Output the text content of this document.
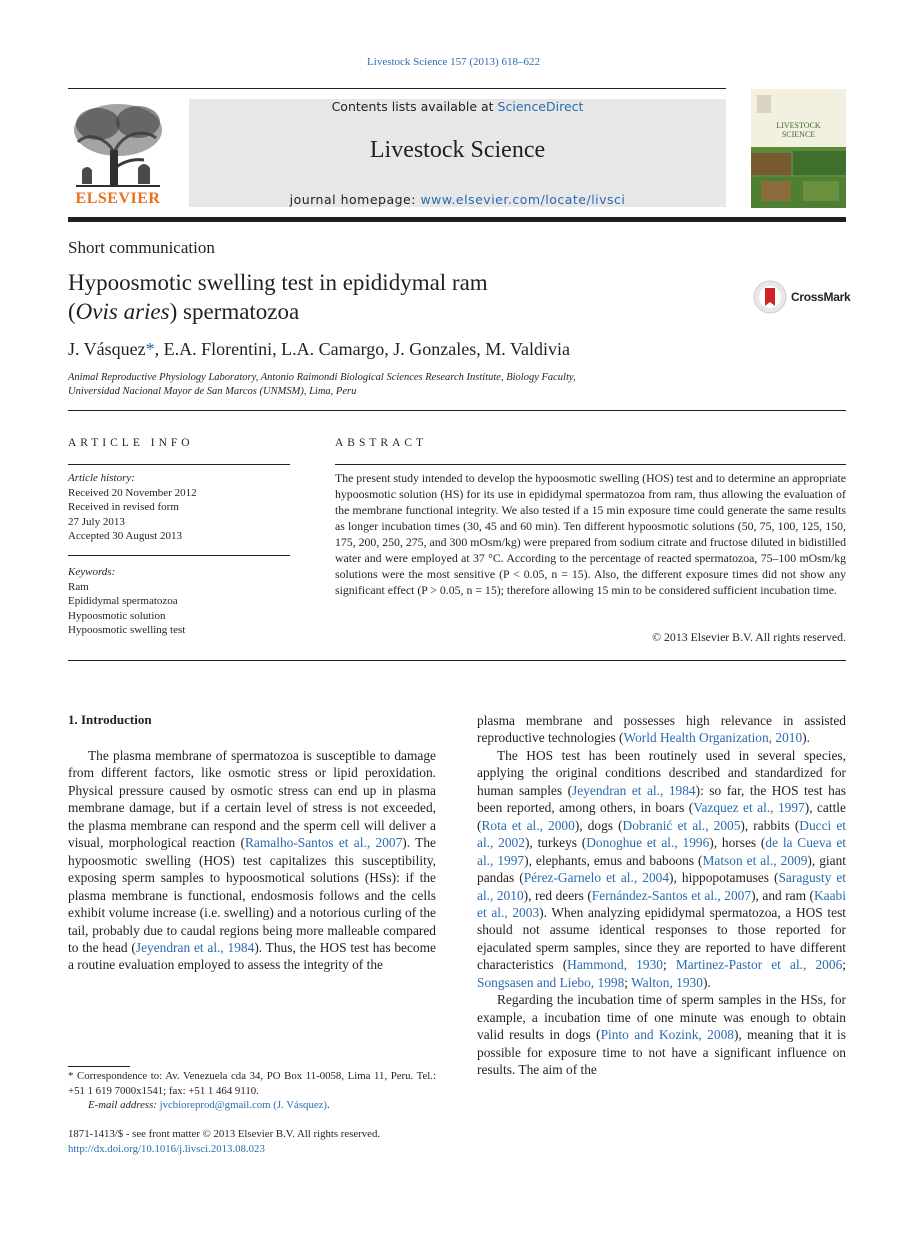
Livestock Science 157 (2013) 618–622
ELSEVIER
Contents lists available at ScienceDirect
Livestock Science
journal homepage: www.elsevier.com/locate/livsci
LIVESTOCK
SCIENCE
Short communication
Hypoosmotic swelling test in epididymal ram
(Ovis aries) spermatozoa
CrossMark
J. Vásquez*, E.A. Florentini, L.A. Camargo, J. Gonzales, M. Valdivia
Animal Reproductive Physiology Laboratory, Antonio Raimondi Biological Sciences Research Institute, Biology Faculty,
Universidad Nacional Mayor de San Marcos (UNMSM), Lima, Peru
ARTICLE INFO
Article history:
Received 20 November 2012
Received in revised form
27 July 2013
Accepted 30 August 2013
Keywords:
Ram
Epididymal spermatozoa
Hypoosmotic solution
Hypoosmotic swelling test
ABSTRACT
The present study intended to develop the hypoosmotic swelling (HOS) test and to determine an appropriate hypoosmotic solution (HS) for its use in epididymal spermatozoa from ram, thus allowing the evaluation of the membrane functional integrity. We also tested if a 15 min exposure time could generate the same results as longer incubation times (30, 45 and 60 min). Ten different hypoosmotic solutions (50, 75, 100, 125, 150, 175, 200, 250, 275, and 300 mOsm/kg) were prepared from sodium citrate and fructose diluted in bidistilled water and were employed at 37 °C. According to the percentage of reacted spermatozoa, 75–100 mOsm/kg solutions were the most sensitive (P < 0.05, n = 15). Also, the different exposure times did not show any significant effect (P > 0.05, n = 15); therefore allowing 15 min to be considered sufficient incubation time.
© 2013 Elsevier B.V. All rights reserved.
1. Introduction

The plasma membrane of spermatozoa is susceptible to damage from different factors, like osmotic stress or lipid peroxidation. Physical pressure caused by osmotic stress can end up in plasma membrane damage, but if a certain level of stress is not exceeded, the plasma membrane can respond and the sperm cell will deliver a visual, morphological reaction (Ramalho-Santos et al., 2007). The hypoosmotic swelling (HOS) test capitalizes this susceptibility, exposing sperm samples to hypoosmotical solutions (HSs): if the plasma membrane is functional, endosmosis follows and the cells exhibit volume increase (i.e. swelling) and a notorious curling of the tail, probably due to caudal regions being more malleable compared to the head (Jeyendran et al., 1984). Thus, the HOS test has become a routine evaluation employed to assess the integrity of the

plasma membrane and possesses high relevance in assisted reproductive technologies (World Health Organization, 2010).

The HOS test has been routinely used in several species, applying the original conditions described and standardized for human samples (Jeyendran et al., 1984): so far, the HOS test has been reported, among others, in boars (Vazquez et al., 1997), cattle (Rota et al., 2000), dogs (Dobranić et al., 2005), rabbits (Ducci et al., 2002), turkeys (Donoghue et al., 1996), horses (de la Cueva et al., 1997), elephants, emus and baboons (Matson et al., 2009), giant pandas (Pérez-Garnelo et al., 2004), hippopotamuses (Saragusty et al., 2010), red deers (Fernández-Santos et al., 2007), and ram (Kaabi et al., 2003). When analyzing epididymal spermatozoa, a HOS test should not assume identical responses to those reported for ejaculated sperm samples, since they are reported to have different characteristics (Hammond, 1930; Martinez-Pastor et al., 2006; Songsasen and Liebo, 1998; Walton, 1930).

Regarding the incubation time of sperm samples in the HSs, for example, a incubation time of one minute was enough to obtain valid results in dogs (Pinto and Kozink, 2008), meaning that it is possible for exposure time to not have a significant influence on results. The aim of the

* Correspondence to: Av. Venezuela cda 34, PO Box 11-0058, Lima 11, Peru. Tel.: +51 1 619 7000x1541; fax: +51 1 464 9110.
E-mail address: jvcbioreprod@gmail.com (J. Vásquez).
1871-1413/$ - see front matter © 2013 Elsevier B.V. All rights reserved.
http://dx.doi.org/10.1016/j.livsci.2013.08.023
